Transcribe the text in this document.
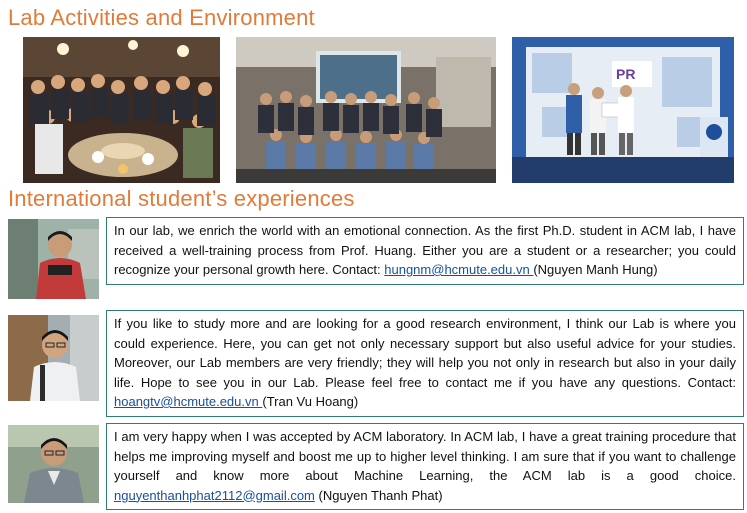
Lab Activities and Environment
PR
International student’s experiences
In our lab, we enrich the world with an emotional connection. As the first Ph.D. student in ACM lab, I have received a well-training process from Prof. Huang. Either you are a student or a researcher; you could recognize your personal growth here. Contact: hungnm@hcmute.edu.vn (Nguyen Manh Hung)
If you like to study more and are looking for a good research environment, I think our Lab is where you could experience. Here, you can get not only necessary support but also useful advice for your studies. Moreover, our Lab members are very friendly; they will help you not only in research but also in your daily life. Hope to see you in our Lab. Please feel free to contact me if you have any questions. Contact: hoangtv@hcmute.edu.vn (Tran Vu Hoang)
I am very happy when I was accepted by ACM laboratory. In ACM lab, I have a great training procedure that helps me improving myself and boost me up to higher level thinking. I am sure that if you want to challenge yourself and know more about Machine Learning, the ACM lab is a good choice. nguyenthanhphat2112@gmail.com (Nguyen Thanh Phat)
